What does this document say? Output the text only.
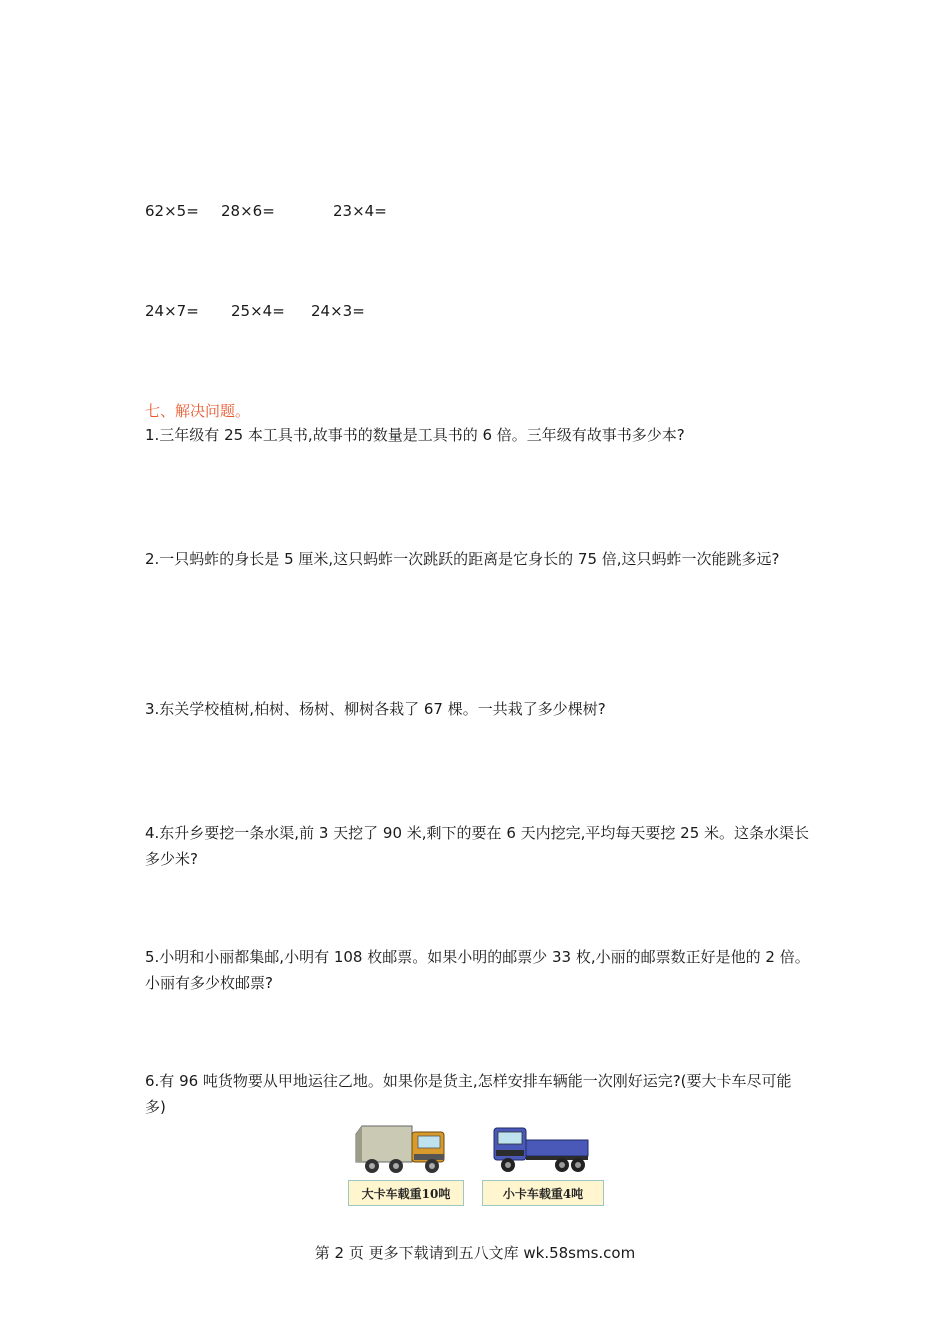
62×5= 28×6=	23×4=
24×7= 25×4= 24×3=
七、解决问题。
1.三年级有 25 本工具书,故事书的数量是工具书的 6 倍。三年级有故事书多少本?
2.一只蚂蚱的身长是 5 厘米,这只蚂蚱一次跳跃的距离是它身长的 75 倍,这只蚂蚱一次能跳多远?
3.东关学校植树,柏树、杨树、柳树各栽了 67 棵。一共栽了多少棵树?
4.东升乡要挖一条水渠,前 3 天挖了 90 米,剩下的要在 6 天内挖完,平均每天要挖 25 米。这条水渠长多少米?
5.小明和小丽都集邮,小明有 108 枚邮票。如果小明的邮票少 33 枚,小丽的邮票数正好是他的 2 倍。小丽有多少枚邮票?
6.有 96 吨货物要从甲地运往乙地。如果你是货主,怎样安排车辆能一次刚好运完?(要大卡车尽可能多)
大卡车载重10吨	小卡车载重4吨
第 2 页 更多下载请到五八文库 wk.58sms.com
